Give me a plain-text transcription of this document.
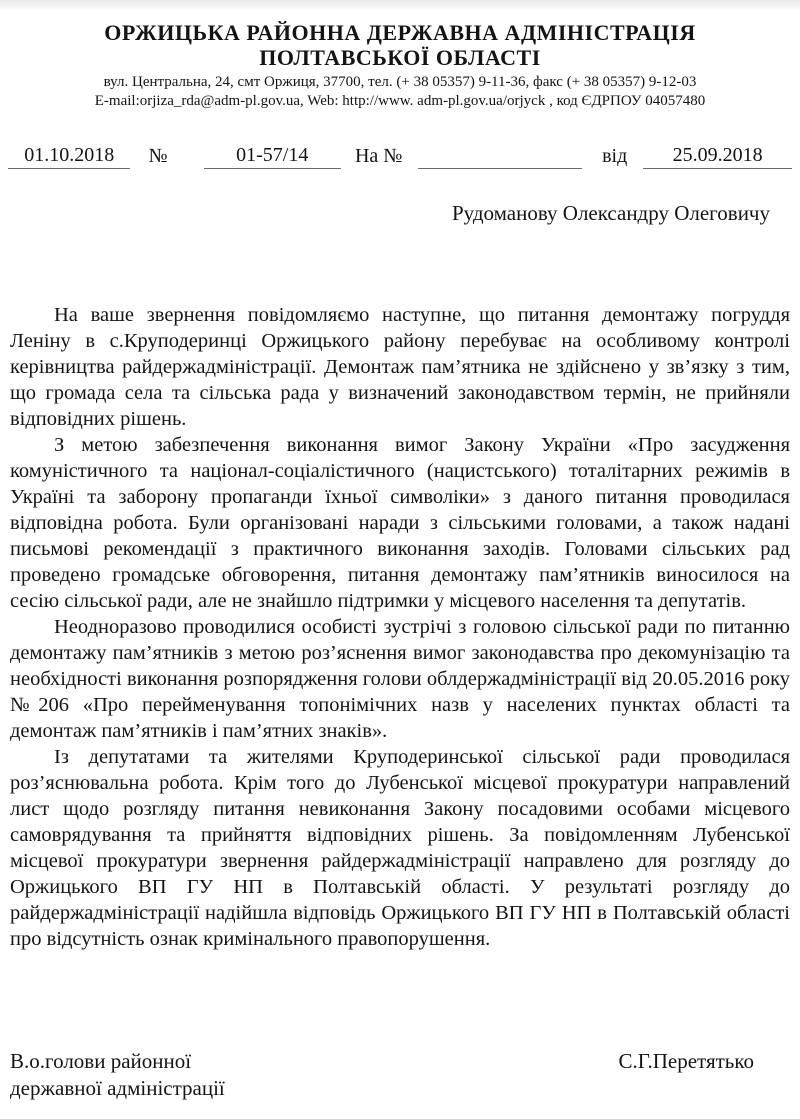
ОРЖИЦЬКА РАЙОННА ДЕРЖАВНА АДМІНІСТРАЦІЯ
ПОЛТАВСЬКОЇ ОБЛАСТІ
вул. Центральна, 24, смт Оржиця, 37700, тел. (+ 38 05357) 9-11-36, факс (+ 38 05357) 9-12-03
E-mail:orjiza_rda@adm-pl.gov.ua, Web: http://www. adm-pl.gov.ua/orjyck , код ЄДРПОУ 04057480
01.10.2018	№	01-57/14	На №	від	25.09.2018
Рудоманову Олександру Олеговичу

На ваше звернення повідомляємо наступне, що питання демонтажу погруддя Леніну в с.Круподеринці Оржицького району перебуває на особливому контролі керівництва райдержадміністрації. Демонтаж пам’ятника не здійснено у зв’язку з тим, що громада села та сільська рада у визначений законодавством термін, не прийняли відповідних рішень.

З метою забезпечення виконання вимог Закону України «Про засудження комуністичного та націонал-соціалістичного (нацистського) тоталітарних режимів в Україні та заборону пропаганди їхньої символіки» з даного питання проводилася відповідна робота. Були організовані наради з сільськими головами, а також надані письмові рекомендації з практичного виконання заходів. Головами сільських рад проведено громадське обговорення, питання демонтажу пам’ятників виносилося на сесію сільської ради, але не знайшло підтримки у місцевого населення та депутатів.

Неодноразово проводилися особисті зустрічі з головою сільської ради по питанню демонтажу пам’ятників з метою роз’яснення вимог законодавства про декомунізацію та необхідності виконання розпорядження голови облдержадміністрації від 20.05.2016 року №206 «Про перейменування топонімічних назв у населених пунктах області та демонтаж пам’ятників і пам’ятних знаків».

Із депутатами та жителями Круподеринської сільської ради проводилася роз’яснювальна робота. Крім того до Лубенської місцевої прокуратури направлений лист щодо розгляду питання невиконання Закону посадовими особами місцевого самоврядування та прийняття відповідних рішень. За повідомленням Лубенської місцевої прокуратури звернення райдержадміністрації направлено для розгляду до Оржицького ВП ГУ НП в Полтавській області. У результаті розгляду до райдержадміністрації надійшла відповідь Оржицького ВП ГУ НП в Полтавській області про відсутність ознак кримінального правопорушення.

В.о.голови районної
державної адміністрації
С.Г.Перетятько
